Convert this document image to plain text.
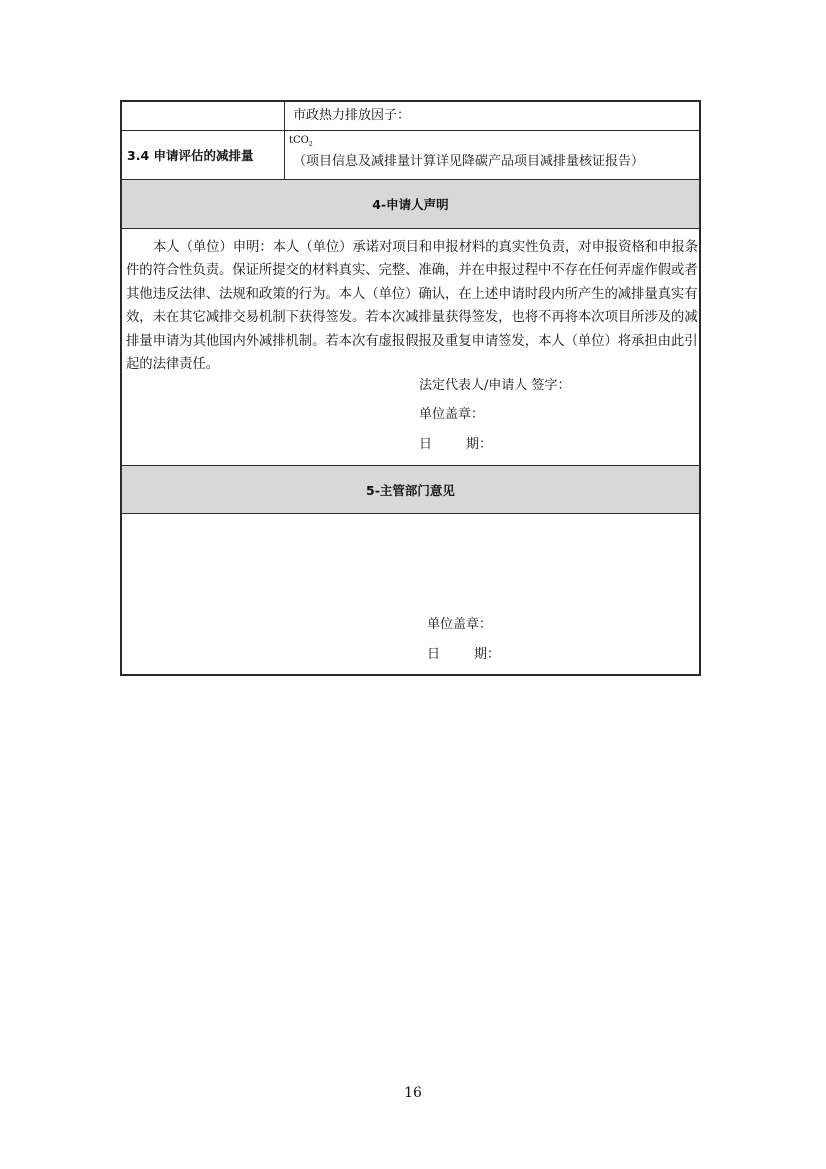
市政热力排放因子：
3.4 申请评估的减排量
tCO$_2$
（项目信息及减排量计算详见降碳产品项目减排量核证报告）
4-申请人声明

本人（单位）申明：本人（单位）承诺对项目和申报材料的真实性负责，对申报资格和申报条件的符合性负责。保证所提交的材料真实、完整、准确，并在申报过程中不存在任何弄虚作假或者其他违反法律、法规和政策的行为。本人（单位）确认，在上述申请时段内所产生的减排量真实有效，未在其它减排交易机制下获得签发。若本次减排量获得签发，也将不再将本次项目所涉及的减排量申请为其他国内外减排机制。若本次有虚报假报及重复申请签发，本人（单位）将承担由此引起的法律责任。

法定代表人/申请人 签字：
单位盖章：
日	期：
5-主管部门意见
单位盖章：
日	期：
16
